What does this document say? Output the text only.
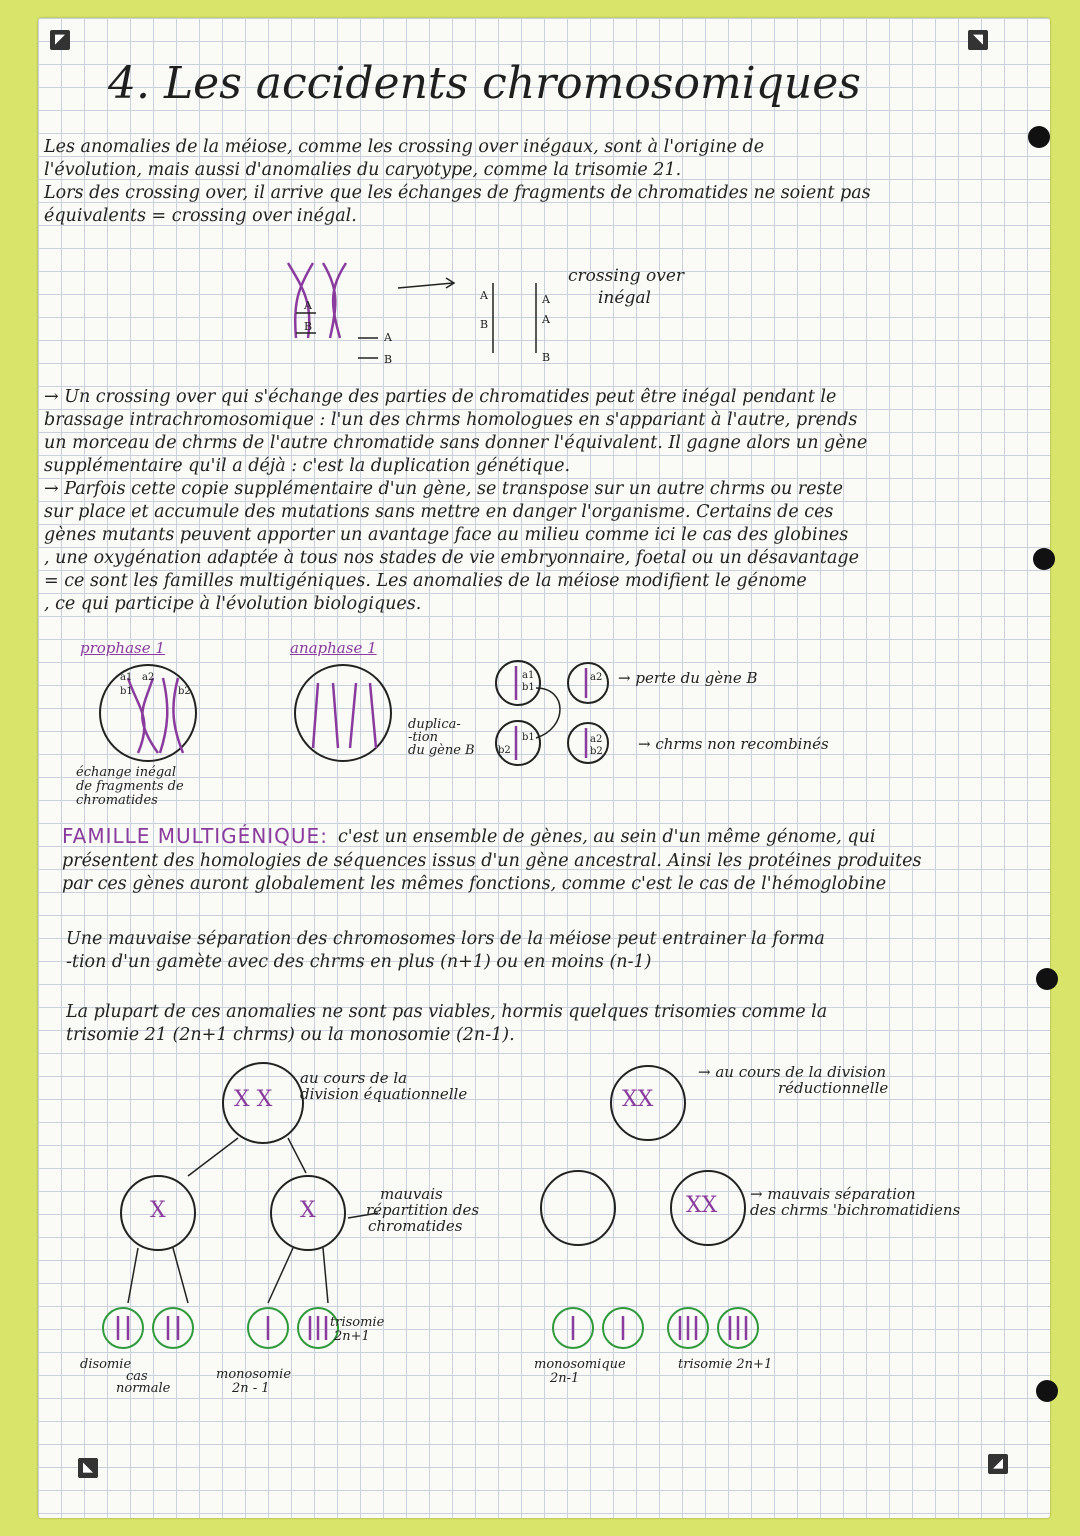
◤	◥
◣	◢
4. Les accidents chromosomiques

Les anomalies de la méiose, comme les crossing over inégaux, sont à l'origine de

l'évolution, mais aussi d'anomalies du caryotype, comme la trisomie 21.

Lors des crossing over, il arrive que les échanges de fragments de chromatides ne soient pas

équivalents = crossing over inégal.

A
B
A
B
A
B
A
A
B
crossing over
inégal

→ Un crossing over qui s'échange des parties de chromatides peut être inégal pendant le

brassage intrachromosomique : l'un des chrms homologues en s'appariant à l'autre, prends

un morceau de chrms de l'autre chromatide sans donner l'équivalent. Il gagne alors un gène

supplémentaire qu'il a déjà : c'est la duplication génétique.

→ Parfois cette copie supplémentaire d'un gène, se transpose sur un autre chrms ou reste

sur place et accumule des mutations sans mettre en danger l'organisme. Certains de ces

gènes mutants peuvent apporter un avantage face au milieu comme ici le cas des globines

, une oxygénation adaptée à tous nos stades de vie embryonnaire, foetal ou un désavantage

= ce sont les familles multigéniques. Les anomalies de la méiose modifient le génome

, ce qui participe à l'évolution biologiques.

prophase 1	anaphase 1
a1 a2
b1	b2
a1
b1
b1
b2
a2
a2
b2
échange inégal
de fragments de
chromatides
duplica-
-tion
du gène B
→ perte du gène B
→ chrms non recombinés
FAMILLE MULTIGÉNIQUE: c'est un ensemble de gènes, au sein d'un même génome, qui

présentent des homologies de séquences issus d'un gène ancestral. Ainsi les protéines produites

par ces gènes auront globalement les mêmes fonctions, comme c'est le cas de l'hémoglobine

Une mauvaise séparation des chromosomes lors de la méiose peut entrainer la forma

-tion d'un gamète avec des chrms en plus (n+1) ou en moins (n-1)

La plupart de ces anomalies ne sont pas viables, hormis quelques trisomies comme la

trisomie 21 (2n+1 chrms) ou la monosomie (2n-1).

X X
X	X
au cours de la
division équationnelle
mauvais
répartition des
chromatides
disomie
cas
normale
monosomie
2n - 1
trisomie
2n+1
XX
XX
→ au cours de la division
réductionnelle
→ mauvais séparation
des chrms 'bichromatidiens
monosomique
2n-1
trisomie 2n+1
